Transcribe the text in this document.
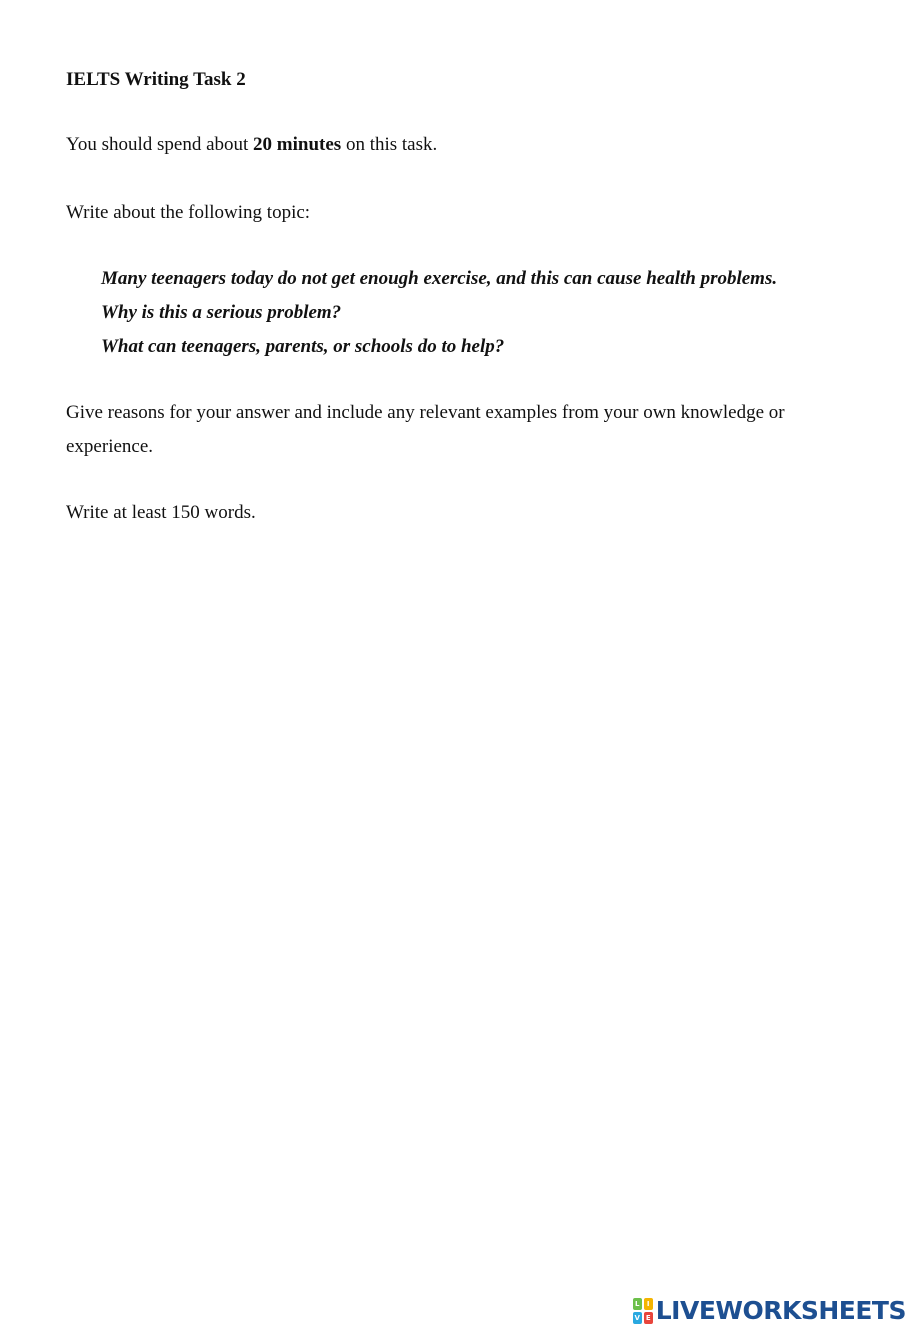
IELTS Writing Task 2

You should spend about 20 minutes on this task.

Write about the following topic:

Many teenagers today do not get enough exercise, and this can cause health problems.
Why is this a serious problem?
What can teenagers, parents, or schools do to help?

Give reasons for your answer and include any relevant examples from your own knowledge or experience.

Write at least 150 words.

L	I
V E LIVEWORKSHEETS
